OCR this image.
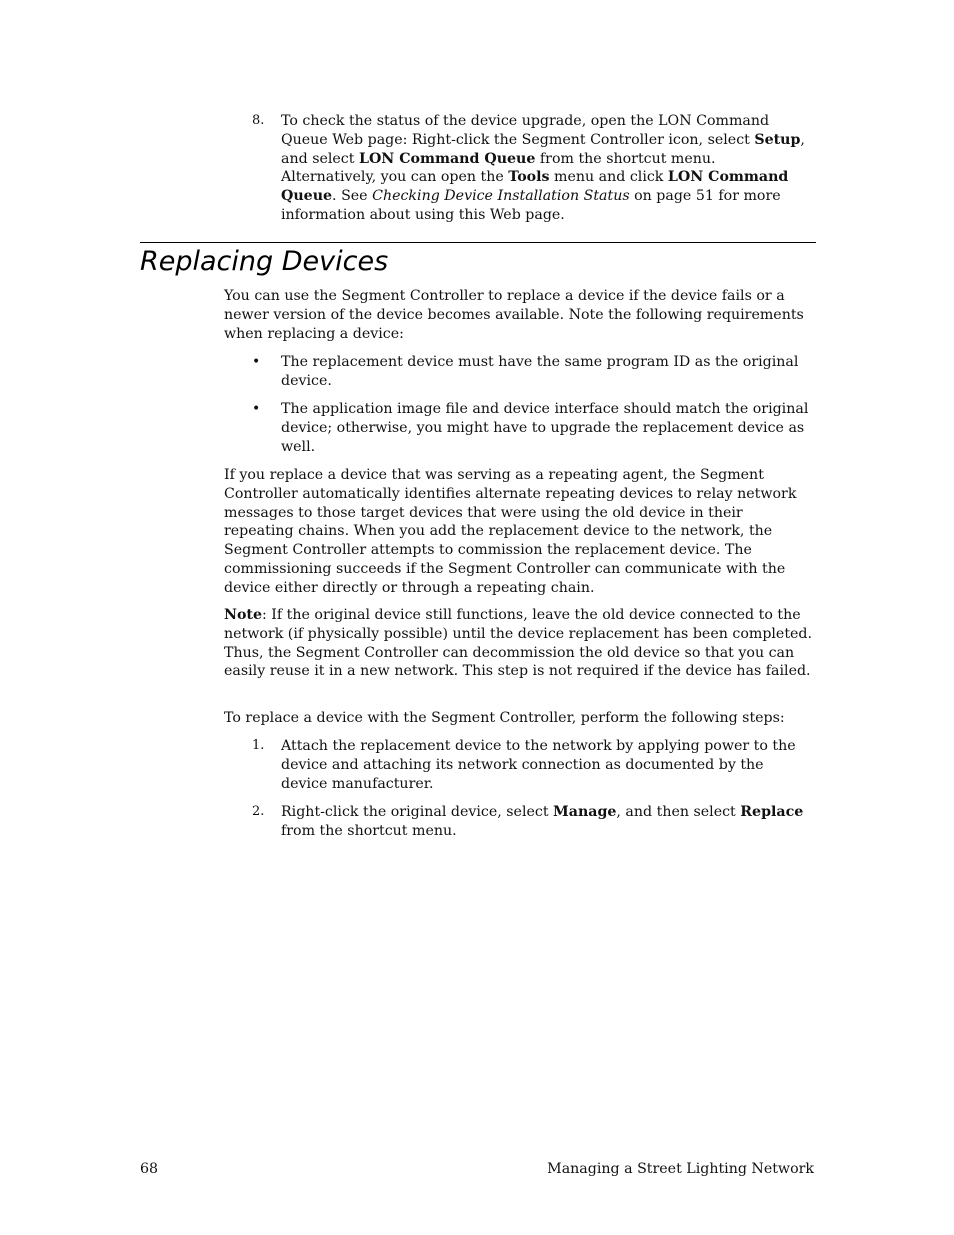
8.	To check the status of the device upgrade, open the LON Command Queue Web page: Right-click the Segment Controller icon, select Setup, and select LON Command Queue from the shortcut menu. Alternatively, you can open the Tools menu and click LON Command Queue. See Checking Device Installation Status on page 51 for more information about using this Web page.

Replacing Devices

You can use the Segment Controller to replace a device if the device fails or a newer version of the device becomes available. Note the following requirements when replacing a device:

•	The replacement device must have the same program ID as the original device.

•	The application image file and device interface should match the original device; otherwise, you might have to upgrade the replacement device as well.

If you replace a device that was serving as a repeating agent, the Segment Controller automatically identifies alternate repeating devices to relay network messages to those target devices that were using the old device in their repeating chains. When you add the replacement device to the network, the Segment Controller attempts to commission the replacement device. The commissioning succeeds if the Segment Controller can communicate with the device either directly or through a repeating chain.

Note: If the original device still functions, leave the old device connected to the network (if physically possible) until the device replacement has been completed. Thus, the Segment Controller can decommission the old device so that you can easily reuse it in a new network. This step is not required if the device has failed.

To replace a device with the Segment Controller, perform the following steps:

1.	Attach the replacement device to the network by applying power to the device and attaching its network connection as documented by the device manufacturer.

2.	Right-click the original device, select Manage, and then select Replace from the shortcut menu.

68	Managing a Street Lighting Network
